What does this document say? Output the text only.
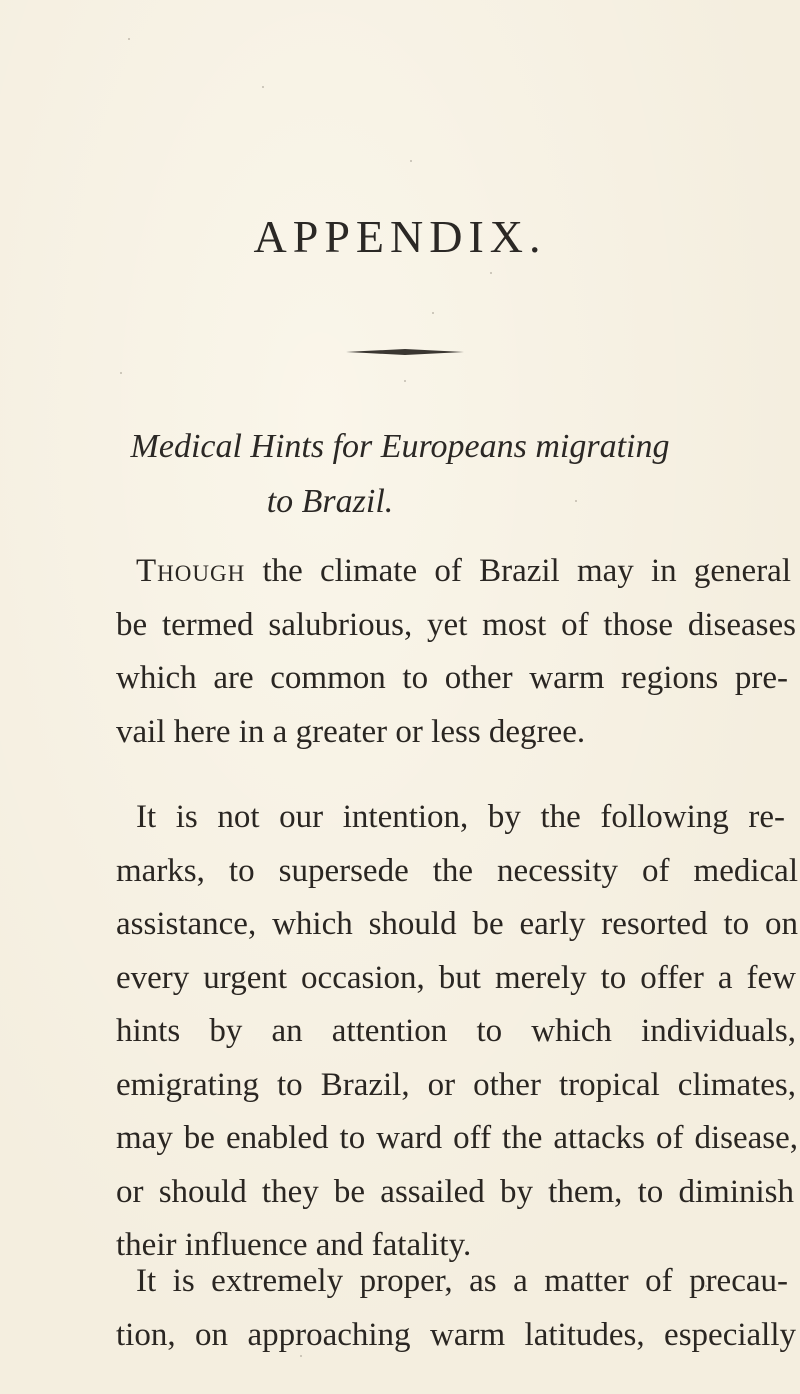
APPENDIX.
Medical Hints for Europeans migrating
to Brazil.
Though the climate of Brazil may in general
be termed salubrious, yet most of those diseases
which are common to other warm regions pre-
vail here in a greater or less degree.
It is not our intention, by the following re-
marks, to supersede the necessity of medical
assistance, which should be early resorted to on
every urgent occasion, but merely to offer a few
hints by an attention to which individuals,
emigrating to Brazil, or other tropical climates,
may be enabled to ward off the attacks of disease,
or should they be assailed by them, to diminish
their influence and fatality.
It is extremely proper, as a matter of precau-
tion, on approaching warm latitudes, especially
